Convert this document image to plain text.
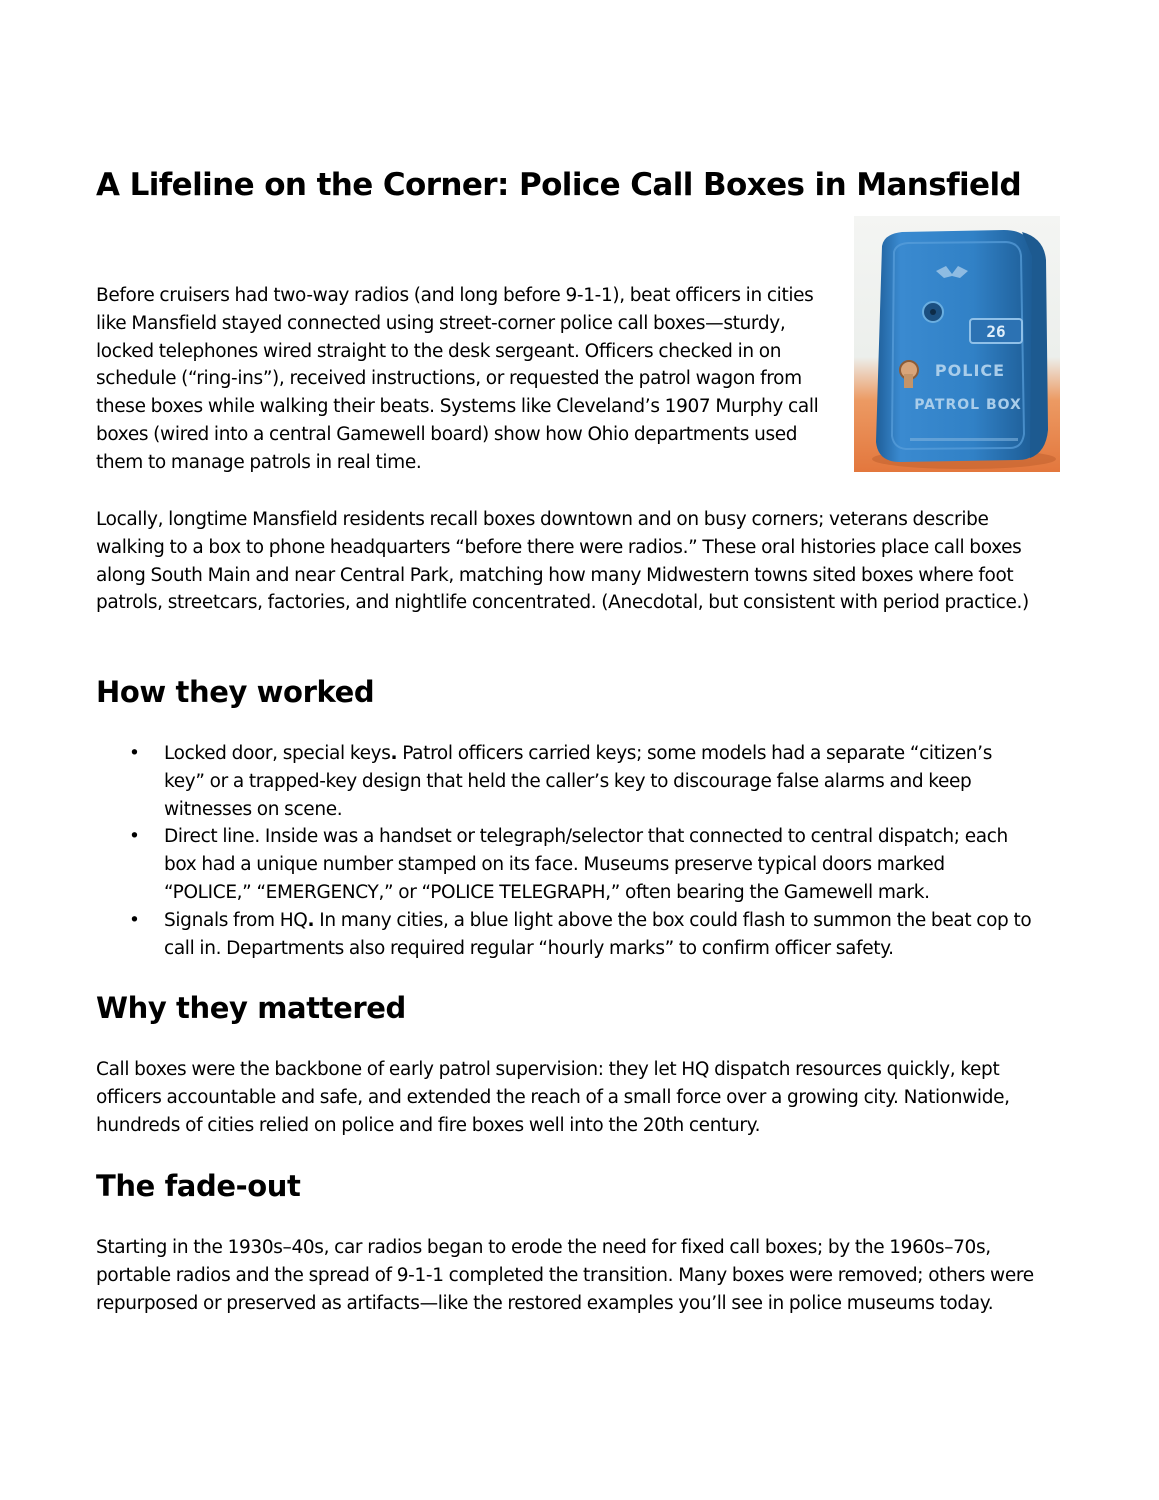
A Lifeline on the Corner: Police Call Boxes in Mansfield

Before cruisers had two-way radios (and long before 9-1-1), beat officers in cities like Mansfield stayed connected using street-corner police call boxes—sturdy, locked telephones wired straight to the desk sergeant. Officers checked in on schedule (“ring-ins”), received instructions, or requested the patrol wagon from these boxes while walking their beats. Systems like Cleveland’s 1907 Murphy call boxes (wired into a central Gamewell board) show how Ohio departments used them to manage patrols in real time.

26
POLICE
PATROL BOX

Locally, longtime Mansfield residents recall boxes downtown and on busy corners; veterans describe walking to a box to phone headquarters “before there were radios.” These oral histories place call boxes along South Main and near Central Park, matching how many Midwestern towns sited boxes where foot patrols, streetcars, factories, and nightlife concentrated. (Anecdotal, but consistent with period practice.)

How they worked
• Locked door, special keys. Patrol officers carried keys; some models had a separate “citizen’s key” or a trapped-key design that held the caller’s key to discourage false alarms and keep witnesses on scene.
• Direct line. Inside was a handset or telegraph/selector that connected to central dispatch; each box had a unique number stamped on its face. Museums preserve typical doors marked “POLICE,” “EMERGENCY,” or “POLICE TELEGRAPH,” often bearing the Gamewell mark.
• Signals from HQ. In many cities, a blue light above the box could flash to summon the beat cop to call in. Departments also required regular “hourly marks” to confirm officer safety.
Why they mattered

Call boxes were the backbone of early patrol supervision: they let HQ dispatch resources quickly, kept officers accountable and safe, and extended the reach of a small force over a growing city. Nationwide, hundreds of cities relied on police and fire boxes well into the 20th century.

The fade-out

Starting in the 1930s–40s, car radios began to erode the need for fixed call boxes; by the 1960s–70s, portable radios and the spread of 9-1-1 completed the transition. Many boxes were removed; others were repurposed or preserved as artifacts—like the restored examples you’ll see in police museums today.
